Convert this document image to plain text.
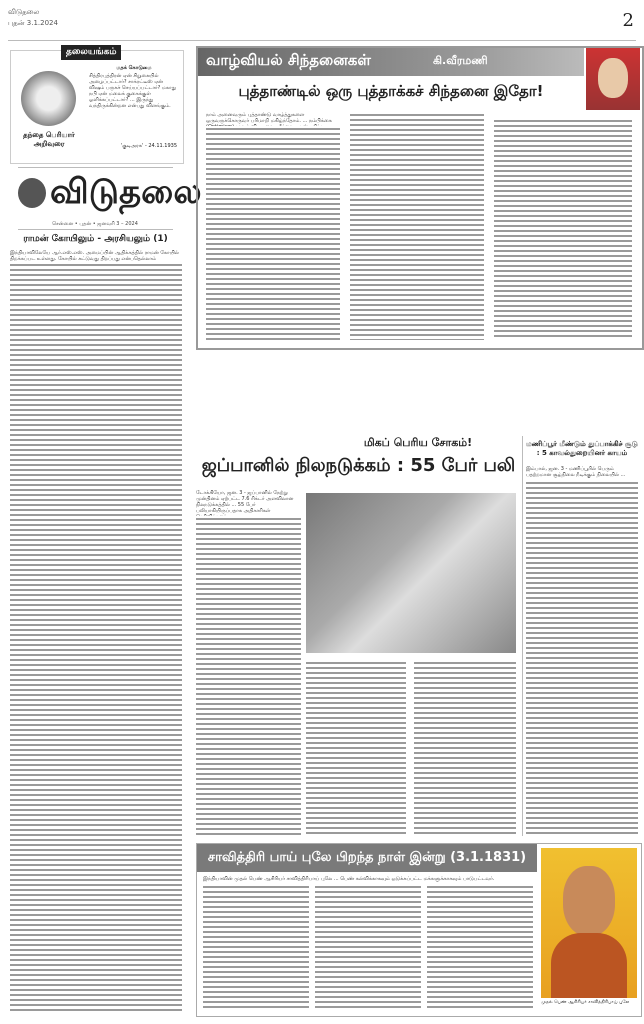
விடுதலை
புதன் 3.1.2024	2
தலையங்கம்
தந்தை பெரியார் அறிவுரை
மதக் கொடுமை
சித்திரபுத்திரன் ஏன் சிறுகையில் அழைப்பட்டார்? சாக்ரட்டீஸ் ஏன் விஷம் பருகச் செய்யப்பட்டார்? மகாது நபி ஏன் மலைக் குகைக்குள் ஓளிக்கப்பட்டார்? ... இருந்து வந்திருக்கின்றன என்பது விளங்கும்.
'குடிஅரசு' - 24.11.1935
விடுதலை
சென்னை • புதன் • ஜனவரி 3 – 2024
ராமன் கோயிலும் - அரசியலும் (1)
இந்தியாவிலேயே ஆர்.எஸ்.எஸ். அமைப்பின் ஆதிக்கத்தில் ராமன் கோயில் திறக்கப்பட உள்ளது. கோயில் கட்டுவது திறப்பது என்பதெல்லாம்
வாழ்வியல் சிந்தனைகள்	கி.வீரமணி
புத்தாண்டில் ஒரு புத்தாக்கச் சிந்தனை இதோ!
நாம் அனைவரும் புத்தாண்டு வாழ்த்துகளை ஒருவருக்கொருவர் பரிமாறி மகிழ்ந்தோம். ... நம்பிக்கை
மிகப் பெரிய சோகம்!
ஜப்பானில் நிலநடுக்கம் : 55 பேர் பலி
டோக்கியோ, ஜன. 3 - ஜப்பானில் நேற்று முன்தினம் ஏற்பட்ட 7.6 ரிக்டர் அளவிலான நிலநடுக்கத்தில் ... 55 பேர் பலியாகியிருப்பதாக அதிகாரிகள்
மணிப்பூர் மீண்டும் துப்பாக்கிச் சூடு : 5 காவல்துறையினர் காயம்
இம்பால், ஜன. 3 - மணிப்பூரில் பெரும் பதற்றமான சூழ்நிலை நீடிக்கும் நிலையில் ...
சாவித்திரி பாய் புலே பிறந்த நாள் இன்று (3.1.1831)
முதல் பெண் ஆசிரியர் சாவித்திரிபாய் புலே
இந்தியாவின் முதல் பெண் ஆசிரியர் சாவித்திரிபாய் புலே ... பெண் கல்விக்காகவும் ஒடுக்கப்பட்ட மக்களுக்காகவும் பாடுபட்டவர்.
